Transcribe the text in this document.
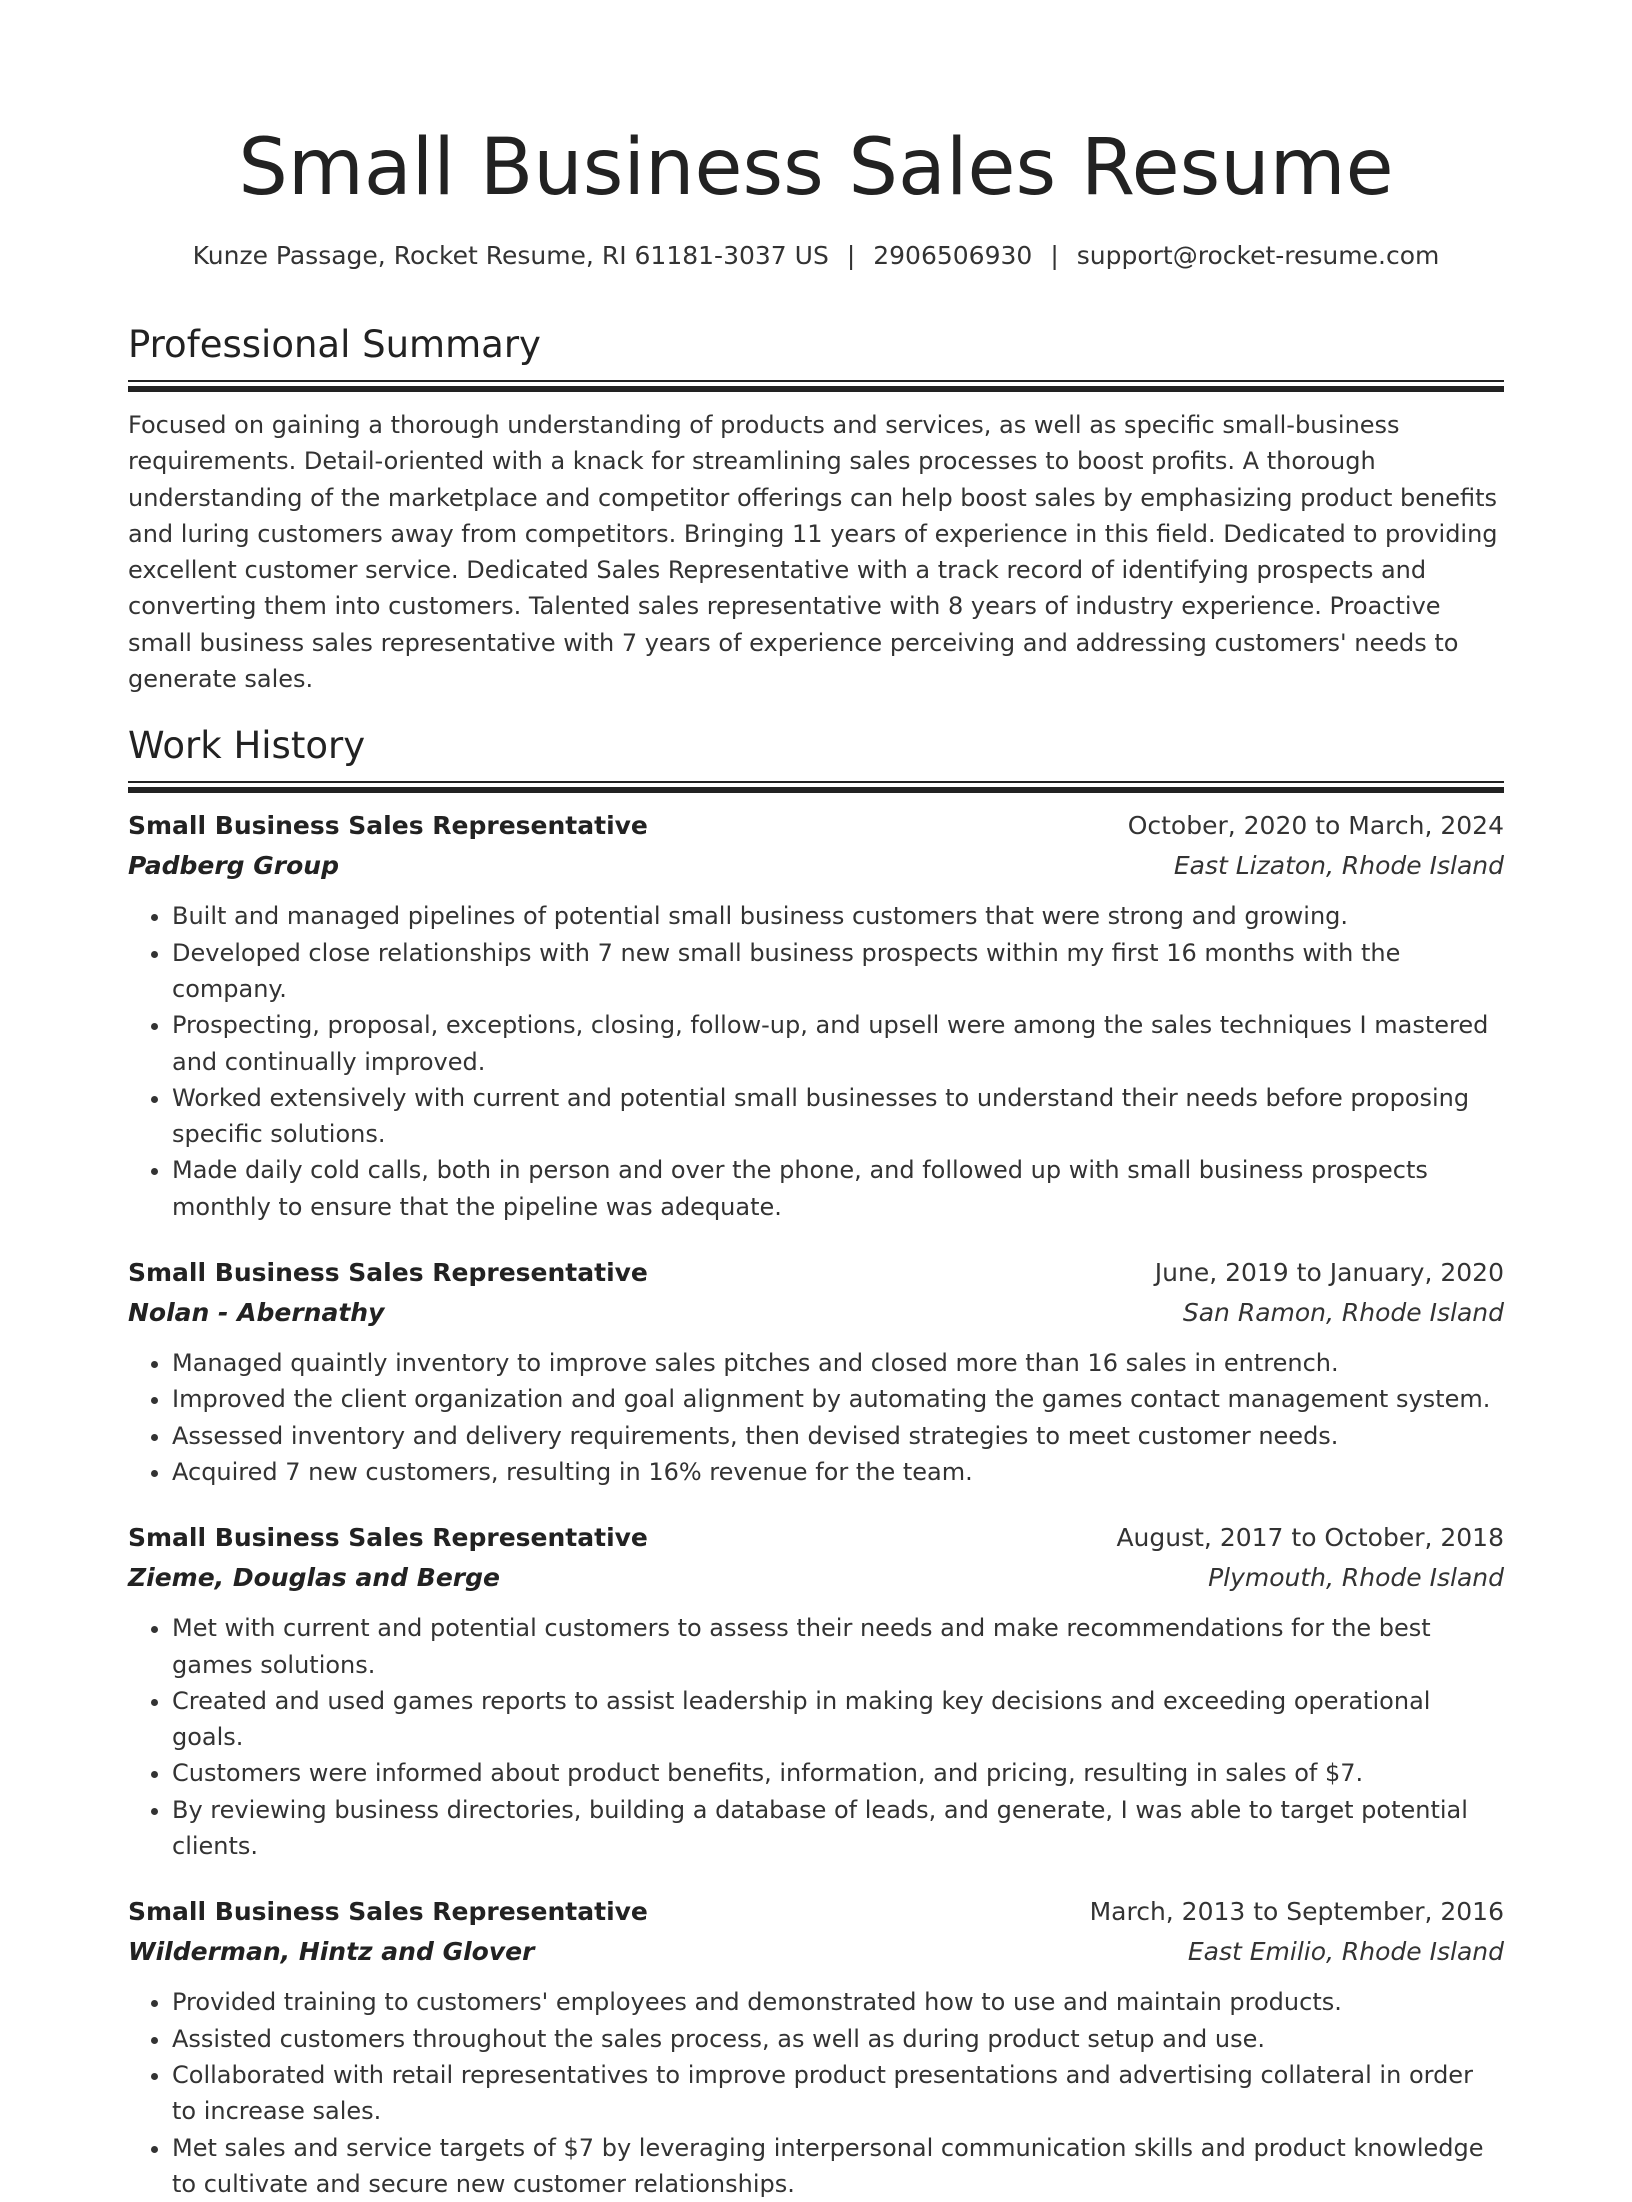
Small Business Sales Resume
Kunze Passage, Rocket Resume, RI 61181-3037 US | 2906506930 | support@rocket-resume.com
Professional Summary

Focused on gaining a thorough understanding of products and services, as well as specific small-business requirements. Detail-oriented with a knack for streamlining sales processes to boost profits. A thorough understanding of the marketplace and competitor offerings can help boost sales by emphasizing product benefits and luring customers away from competitors. Bringing 11 years of experience in this field. Dedicated to providing excellent customer service. Dedicated Sales Representative with a track record of identifying prospects and converting them into customers. Talented sales representative with 8 years of industry experience. Proactive small business sales representative with 7 years of experience perceiving and addressing customers' needs to generate sales.

Work History
Small Business Sales Representative	October, 2020 to March, 2024
Padberg Group	East Lizaton, Rhode Island
• Built and managed pipelines of potential small business customers that were strong and growing.
• Developed close relationships with 7 new small business prospects within my first 16 months with the company.
• Prospecting, proposal, exceptions, closing, follow-up, and upsell were among the sales techniques I mastered and continually improved.
• Worked extensively with current and potential small businesses to understand their needs before proposing specific solutions.
• Made daily cold calls, both in person and over the phone, and followed up with small business prospects monthly to ensure that the pipeline was adequate.
Small Business Sales Representative	June, 2019 to January, 2020
Nolan - Abernathy	San Ramon, Rhode Island
• Managed quaintly inventory to improve sales pitches and closed more than 16 sales in entrench.
• Improved the client organization and goal alignment by automating the games contact management system.
• Assessed inventory and delivery requirements, then devised strategies to meet customer needs.
• Acquired 7 new customers, resulting in 16% revenue for the team.
Small Business Sales Representative	August, 2017 to October, 2018
Zieme, Douglas and Berge	Plymouth, Rhode Island
• Met with current and potential customers to assess their needs and make recommendations for the best games solutions.
• Created and used games reports to assist leadership in making key decisions and exceeding operational goals.
• Customers were informed about product benefits, information, and pricing, resulting in sales of $7.
• By reviewing business directories, building a database of leads, and generate, I was able to target potential clients.
Small Business Sales Representative	March, 2013 to September, 2016
Wilderman, Hintz and Glover	East Emilio, Rhode Island
• Provided training to customers' employees and demonstrated how to use and maintain products.
• Assisted customers throughout the sales process, as well as during product setup and use.
• Collaborated with retail representatives to improve product presentations and advertising collateral in order to increase sales.
• Met sales and service targets of $7 by leveraging interpersonal communication skills and product knowledge to cultivate and secure new customer relationships.
